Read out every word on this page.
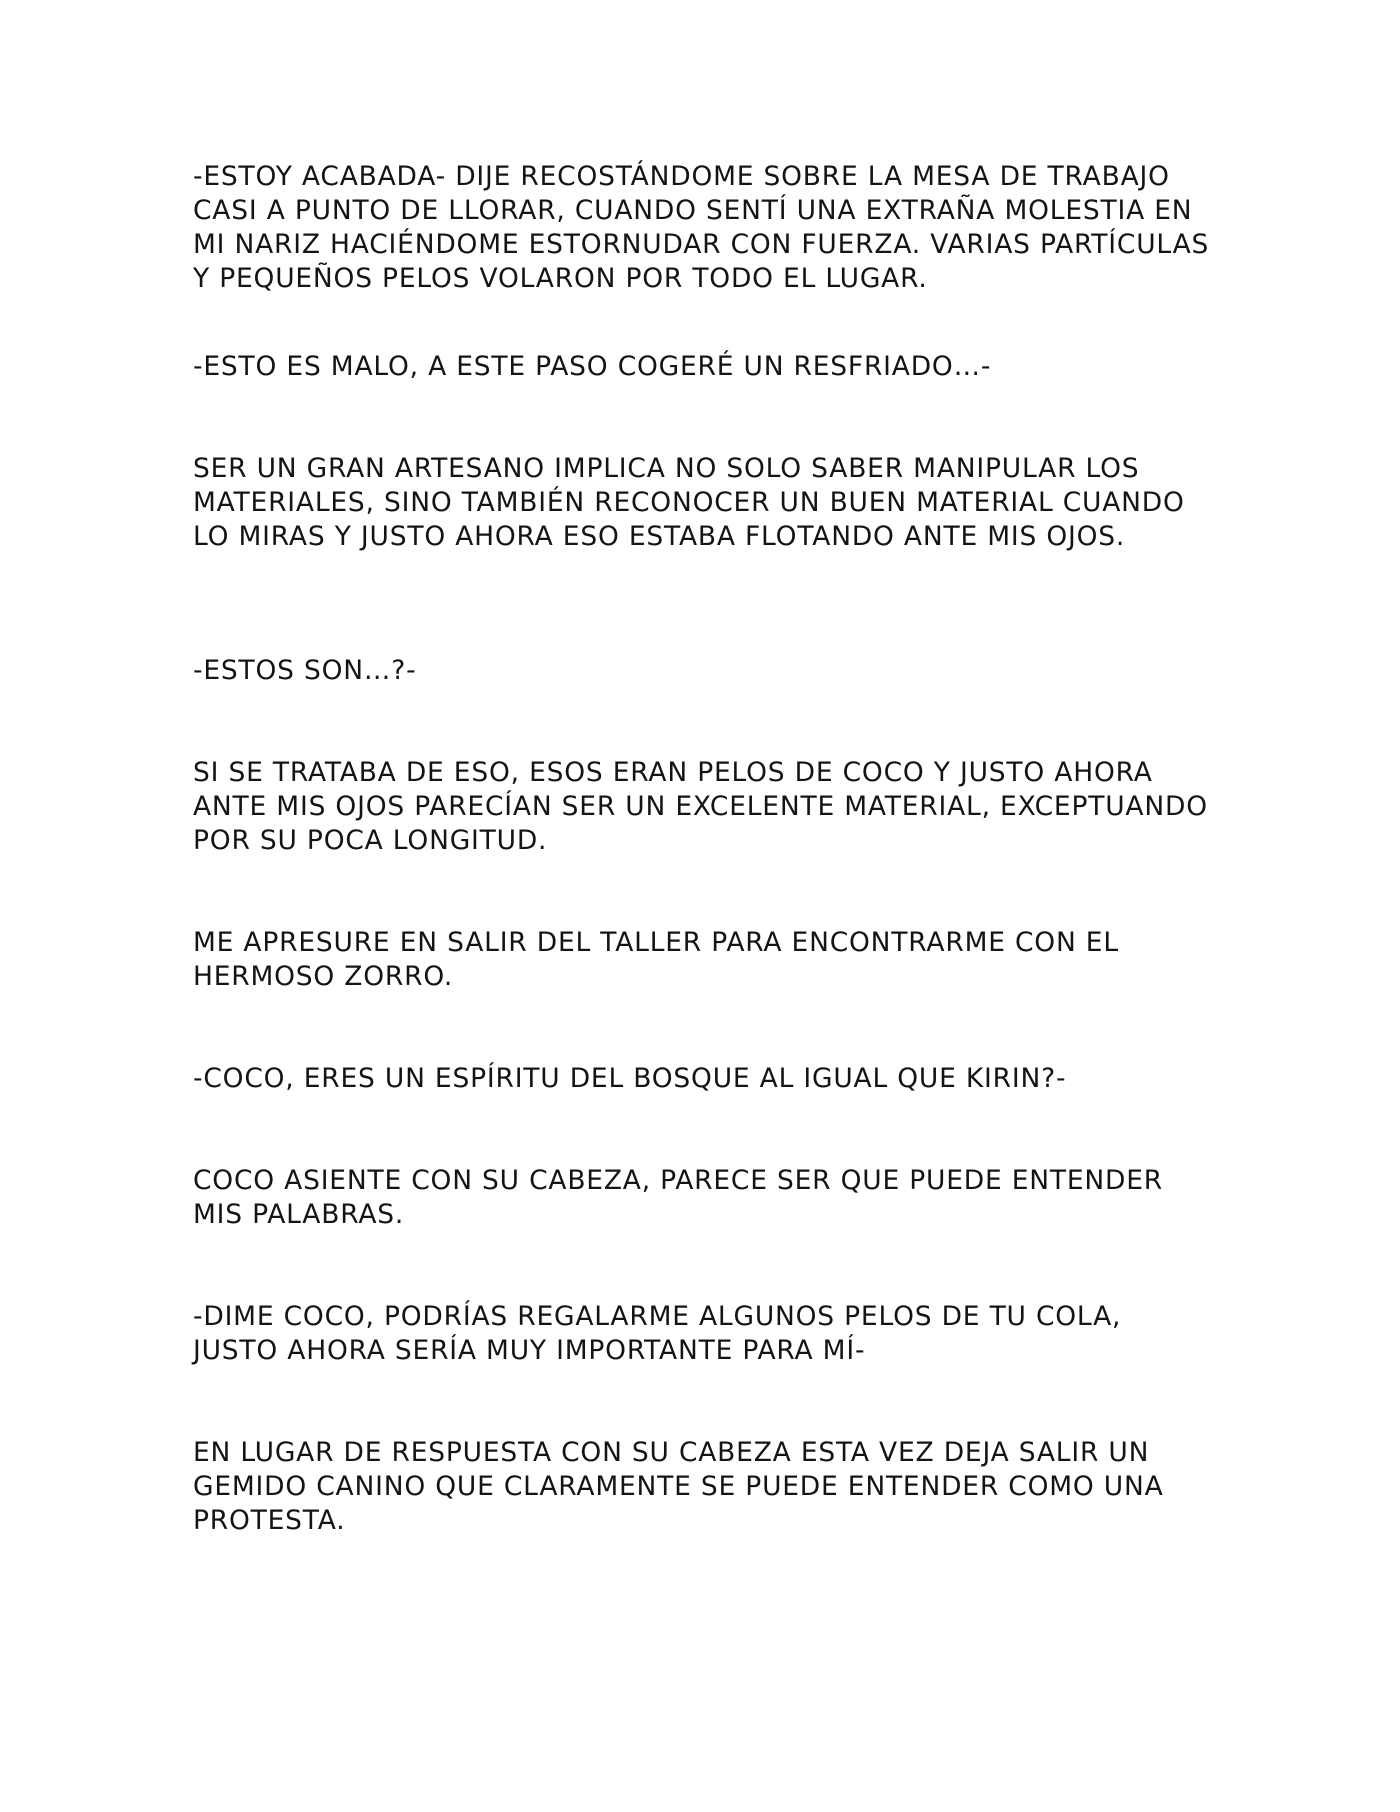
-ESTOY ACABADA- DIJE RECOSTÁNDOME SOBRE LA MESA DE TRABAJO CASI A PUNTO DE LLORAR, CUANDO SENTÍ UNA EXTRAÑA MOLESTIA EN MI NARIZ HACIÉNDOME ESTORNUDAR CON FUERZA. VARIAS PARTÍCULAS Y PEQUEÑOS PELOS VOLARON POR TODO EL LUGAR.

-ESTO ES MALO, A ESTE PASO COGERÉ UN RESFRIADO…-

SER UN GRAN ARTESANO IMPLICA NO SOLO SABER MANIPULAR LOS MATERIALES, SINO TAMBIÉN RECONOCER UN BUEN MATERIAL CUANDO LO MIRAS Y JUSTO AHORA ESO ESTABA FLOTANDO ANTE MIS OJOS.

-ESTOS SON…?-

SI SE TRATABA DE ESO, ESOS ERAN PELOS DE COCO Y JUSTO AHORA ANTE MIS OJOS PARECÍAN SER UN EXCELENTE MATERIAL, EXCEPTUANDO POR SU POCA LONGITUD.

ME APRESURE EN SALIR DEL TALLER PARA ENCONTRARME CON EL HERMOSO ZORRO.

-COCO, ERES UN ESPÍRITU DEL BOSQUE AL IGUAL QUE KIRIN?-

COCO ASIENTE CON SU CABEZA, PARECE SER QUE PUEDE ENTENDER MIS PALABRAS.

-DIME COCO, PODRÍAS REGALARME ALGUNOS PELOS DE TU COLA, JUSTO AHORA SERÍA MUY IMPORTANTE PARA MÍ-

EN LUGAR DE RESPUESTA CON SU CABEZA ESTA VEZ DEJA SALIR UN GEMIDO CANINO QUE CLARAMENTE SE PUEDE ENTENDER COMO UNA PROTESTA.
